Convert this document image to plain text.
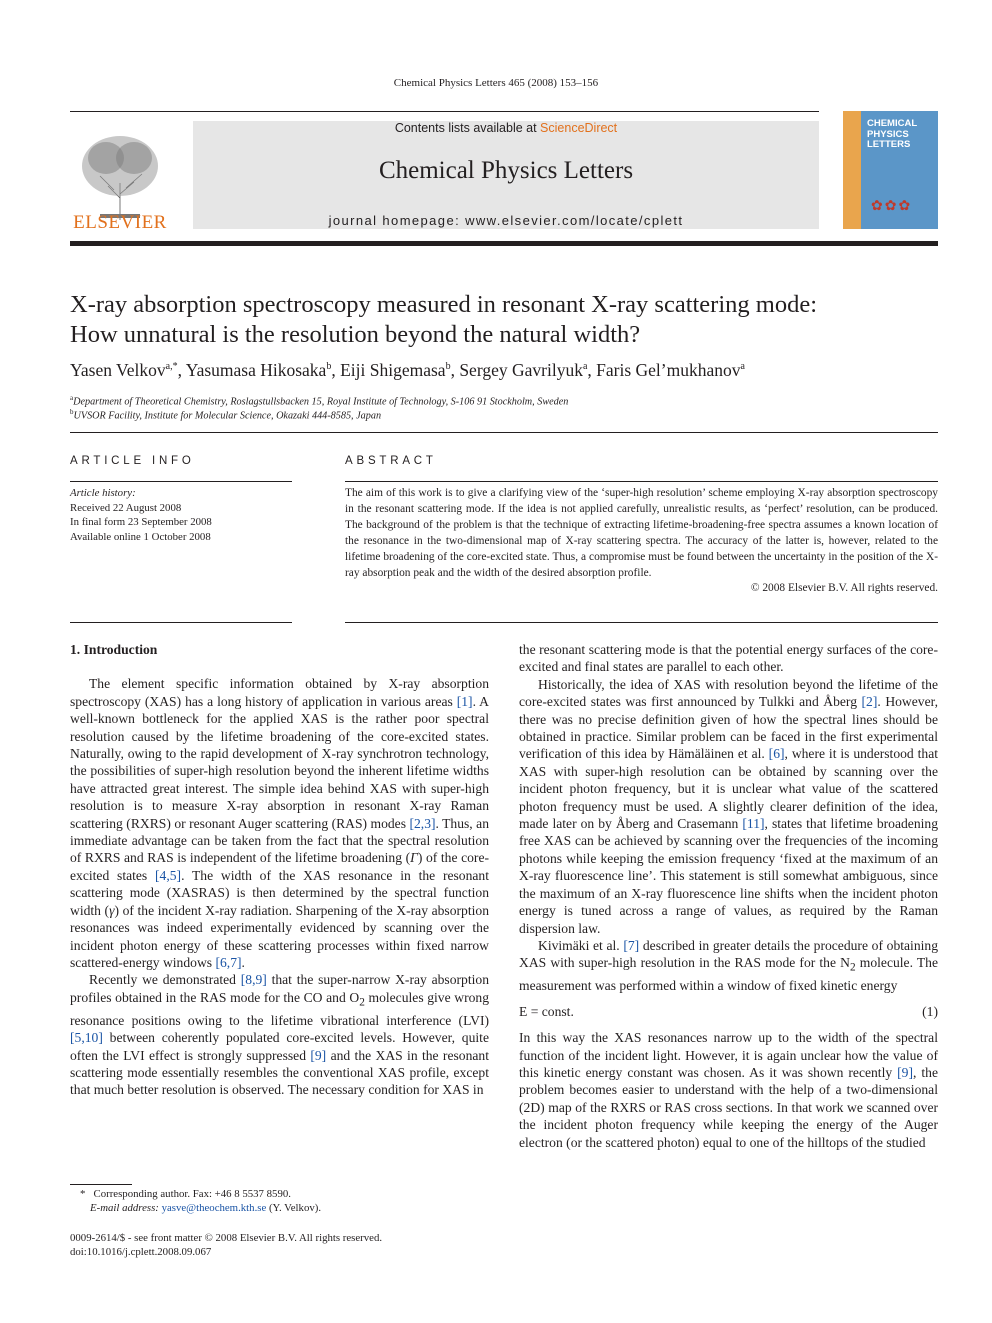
Chemical Physics Letters 465 (2008) 153–156
ELSEVIER
Contents lists available at ScienceDirect
Chemical Physics Letters
journal homepage: www.elsevier.com/locate/cplett
CHEMICAL PHYSICS LETTERS
✿✿✿
X-ray absorption spectroscopy measured in resonant X-ray scattering mode:
How unnatural is the resolution beyond the natural width?
Yasen Velkov$^{a,*}$, Yasumasa Hikosaka$^b$, Eiji Shigemasa$^b$, Sergey Gavrilyuk$^a$, Faris Gel’mukhanov$^a$
$^a$Department of Theoretical Chemistry, Roslagstullsbacken 15, Royal Institute of Technology, S-106 91 Stockholm, Sweden
$^b$UVSOR Facility, Institute for Molecular Science, Okazaki 444-8585, Japan
ARTICLE INFO
Article history:
Received 22 August 2008
In final form 23 September 2008
Available online 1 October 2008
ABSTRACT
The aim of this work is to give a clarifying view of the ‘super-high resolution’ scheme employing X-ray absorption spectroscopy in the resonant scattering mode. If the idea is not applied carefully, unrealistic results, as ‘perfect’ resolution, can be produced. The background of the problem is that the technique of extracting lifetime-broadening-free spectra assumes a known location of the resonance in the two-dimensional map of X-ray scattering spectra. The accuracy of the latter is, however, related to the lifetime broadening of the core-excited state. Thus, a compromise must be found between the uncertainty in the position of the X-ray absorption peak and the width of the desired absorption profile.
© 2008 Elsevier B.V. All rights reserved.
1. Introduction

The element specific information obtained by X-ray absorption spectroscopy (XAS) has a long history of application in various areas [1]. A well-known bottleneck for the applied XAS is the rather poor spectral resolution caused by the lifetime broadening of the core-excited states. Naturally, owing to the rapid development of X-ray synchrotron technology, the possibilities of super-high resolution beyond the inherent lifetime widths have attracted great interest. The simple idea behind XAS with super-high resolution is to measure X-ray absorption in resonant X-ray Raman scattering (RXRS) or resonant Auger scattering (RAS) modes [2,3]. Thus, an immediate advantage can be taken from the fact that the spectral resolution of RXRS and RAS is independent of the lifetime broadening (Γ) of the core-excited states [4,5]. The width of the XAS resonance in the resonant scattering mode (XASRAS) is then determined by the spectral function width (γ) of the incident X-ray radiation. Sharpening of the X-ray absorption resonances was indeed experimentally evidenced by scanning over the incident photon energy of these scattering processes within fixed narrow scattered-energy windows [6,7].

Recently we demonstrated [8,9] that the super-narrow X-ray absorption profiles obtained in the RAS mode for the CO and $O_2$ molecules give wrong resonance positions owing to the lifetime vibrational interference (LVI) [5,10] between coherently populated core-excited levels. However, quite often the LVI effect is strongly suppressed [9] and the XAS in the resonant scattering mode essentially resembles the conventional XAS profile, except that much better resolution is observed. The necessary condition for XAS in

* Corresponding author. Fax: +46 8 5537 8590.
E-mail address: yasve@theochem.kth.se (Y. Velkov).
0009-2614/$ - see front matter © 2008 Elsevier B.V. All rights reserved.
doi:10.1016/j.cplett.2008.09.067

the resonant scattering mode is that the potential energy surfaces of the core-excited and final states are parallel to each other.

Historically, the idea of XAS with resolution beyond the lifetime of the core-excited states was first announced by Tulkki and Åberg [2]. However, there was no precise definition given of how the spectral lines should be obtained in practice. Similar problem can be faced in the first experimental verification of this idea by Hämäläinen et al. [6], where it is understood that XAS with super-high resolution can be obtained by scanning over the incident photon frequency, but it is unclear what value of the scattered photon frequency must be used. A slightly clearer definition of the idea, made later on by Åberg and Crasemann [11], states that lifetime broadening free XAS can be achieved by scanning over the frequencies of the incoming photons while keeping the emission frequency ‘fixed at the maximum of an X-ray fluorescence line’. This statement is still somewhat ambiguous, since the maximum of an X-ray fluorescence line shifts when the incident photon energy is tuned across a range of values, as required by the Raman dispersion law.

Kivimäki et al. [7] described in greater details the procedure of obtaining XAS with super-high resolution in the RAS mode for the $N_2$ molecule. The measurement was performed within a window of fixed kinetic energy

E = const.	(1)

In this way the XAS resonances narrow up to the width of the spectral function of the incident light. However, it is again unclear how the value of this kinetic energy constant was chosen. As it was shown recently [9], the problem becomes easier to understand with the help of a two-dimensional (2D) map of the RXRS or RAS cross sections. In that work we scanned over the incident photon frequency while keeping the energy of the Auger electron (or the scattered photon) equal to one of the hilltops of the studied
